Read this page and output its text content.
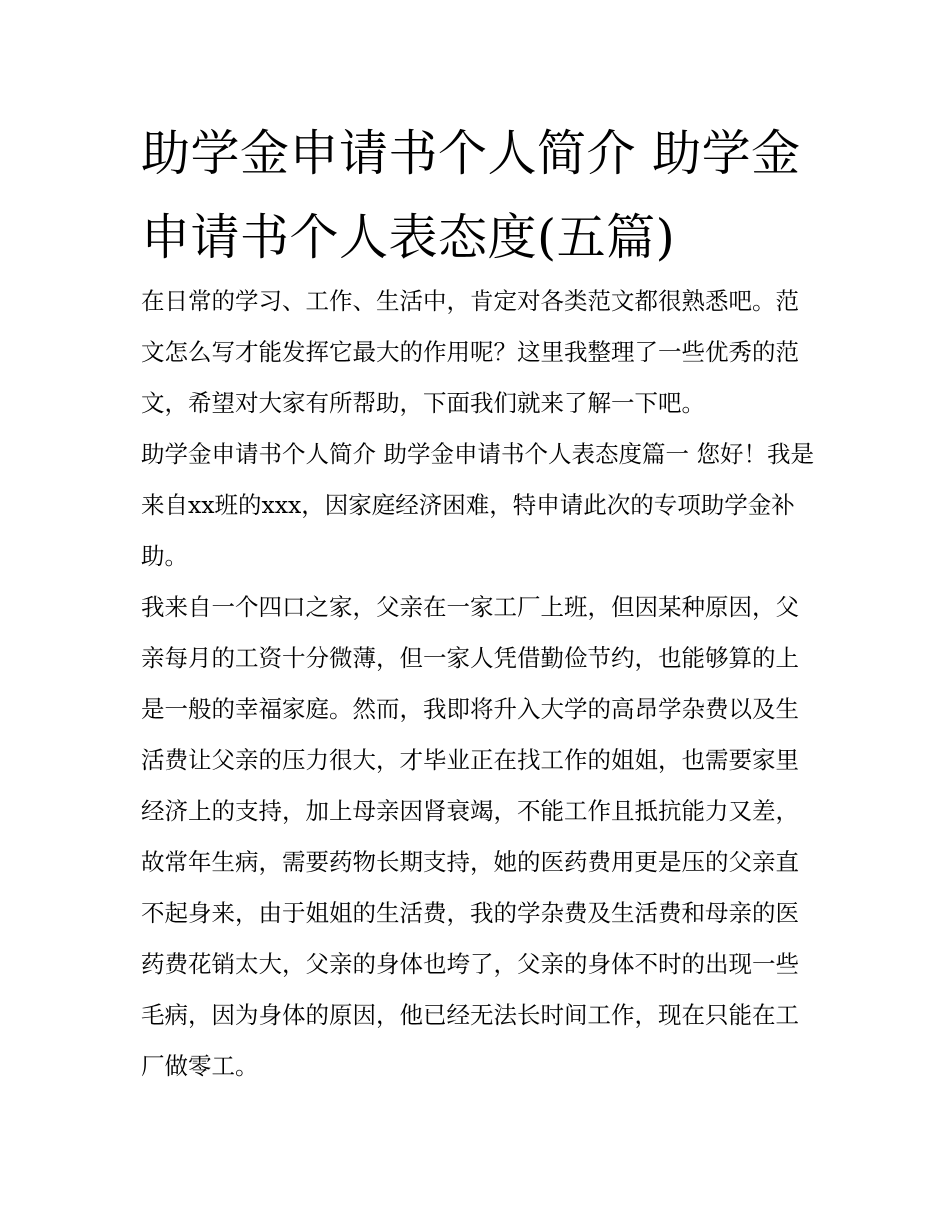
助学金申请书个人简介 助学金申请书个人表态度(五篇)

在日常的学习、工作、生活中，肯定对各类范文都很熟悉吧。范文怎么写才能发挥它最大的作用呢？这里我整理了一些优秀的范文，希望对大家有所帮助，下面我们就来了解一下吧。

助学金申请书个人简介 助学金申请书个人表态度篇一 您好！我是来自xx班的xxx，因家庭经济困难，特申请此次的专项助学金补助。

我来自一个四口之家，父亲在一家工厂上班，但因某种原因，父亲每月的工资十分微薄，但一家人凭借勤俭节约，也能够算的上是一般的幸福家庭。然而，我即将升入大学的高昂学杂费以及生活费让父亲的压力很大，才毕业正在找工作的姐姐，也需要家里经济上的支持，加上母亲因肾衰竭，不能工作且抵抗能力又差，故常年生病，需要药物长期支持，她的医药费用更是压的父亲直不起身来，由于姐姐的生活费，我的学杂费及生活费和母亲的医药费花销太大，父亲的身体也垮了，父亲的身体不时的出现一些毛病，因为身体的原因，他已经无法长时间工作，现在只能在工厂做零工。
